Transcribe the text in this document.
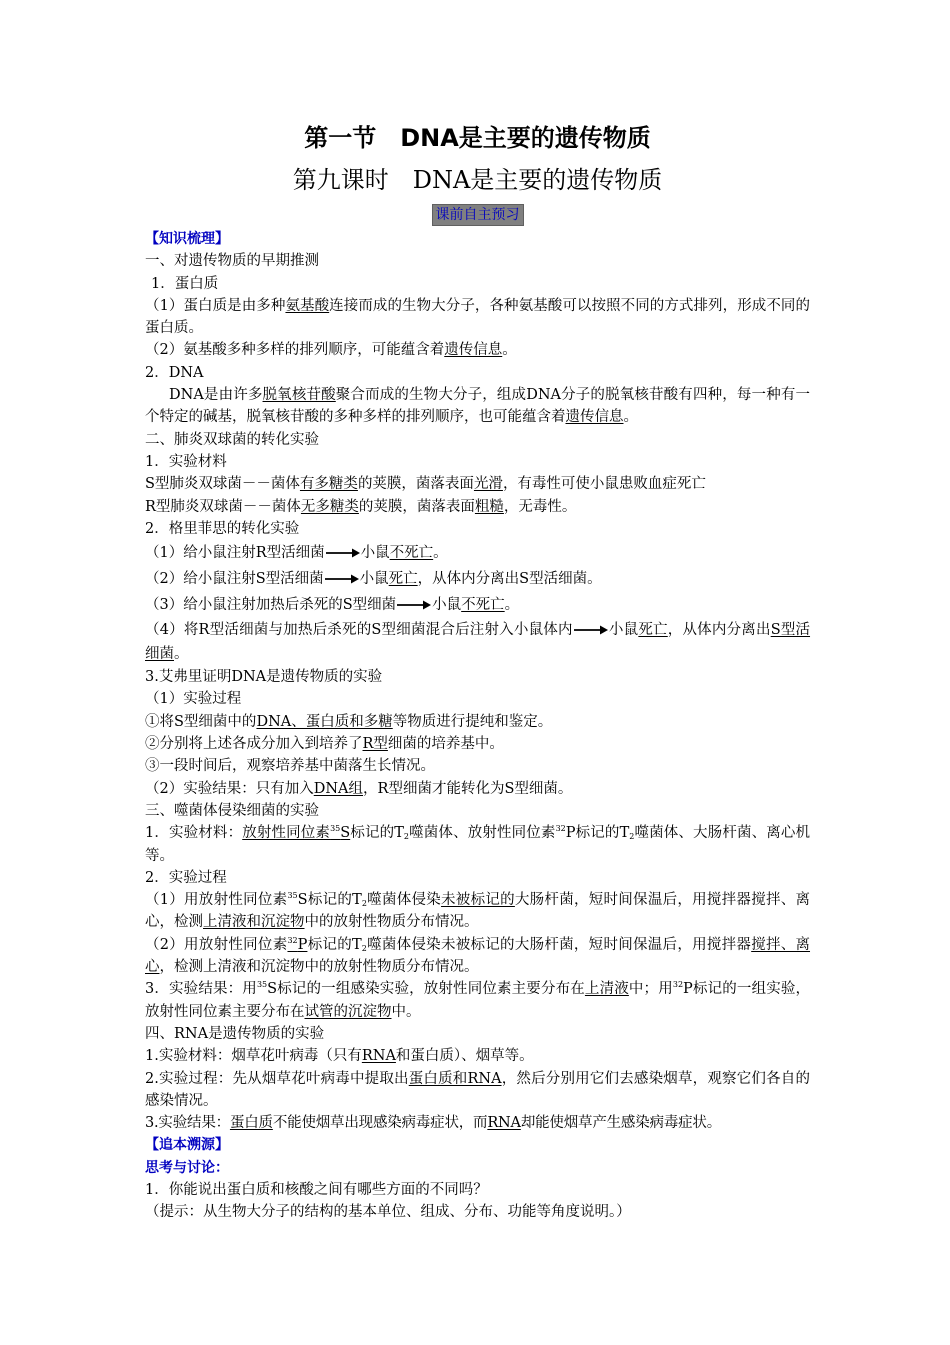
第一节　DNA是主要的遗传物质

第九课时　DNA是主要的遗传物质

课前自主预习

【知识梳理】

一、对遗传物质的早期推测

1．蛋白质

（1）蛋白质是由多种氨基酸连接而成的生物大分子，各种氨基酸可以按照不同的方式排列，形成不同的蛋白质。

（2）氨基酸多种多样的排列顺序，可能蕴含着遗传信息。

2．DNA

DNA是由许多脱氧核苷酸聚合而成的生物大分子，组成DNA分子的脱氧核苷酸有四种，每一种有一个特定的碱基，脱氧核苷酸的多种多样的排列顺序，也可能蕴含着遗传信息。

二、肺炎双球菌的转化实验

1．实验材料

S型肺炎双球菌－－菌体有多糖类的荚膜，菌落表面光滑，有毒性可使小鼠患败血症死亡

R型肺炎双球菌－－菌体无多糖类的荚膜，菌落表面粗糙，无毒性。

2．格里菲思的转化实验

（1）给小鼠注射R型活细菌 小鼠不死亡。

（2）给小鼠注射S型活细菌 小鼠死亡，从体内分离出S型活细菌。

（3）给小鼠注射加热后杀死的S型细菌 小鼠不死亡。

（4）将R型活细菌与加热后杀死的S型细菌混合后注射入小鼠体内 小鼠死亡，从体内分离出S型活细菌。

3.艾弗里证明DNA是遗传物质的实验

（1）实验过程

①将S型细菌中的DNA、蛋白质和多糖等物质进行提纯和鉴定。

②分别将上述各成分加入到培养了R型细菌的培养基中。

③一段时间后，观察培养基中菌落生长情况。

（2）实验结果：只有加入DNA组，R型细菌才能转化为S型细菌。

三、噬菌体侵染细菌的实验

1．实验材料：放射性同位素$^{35}$S标记的$T_2$噬菌体、放射性同位素$^{32}$P标记的$T_2$噬菌体、大肠杆菌、离心机等。

2．实验过程

（1）用放射性同位素$^{35}$S标记的$T_2$噬菌体侵染未被标记的大肠杆菌，短时间保温后，用搅拌器搅拌、离心，检测上清液和沉淀物中的放射性物质分布情况。

（2）用放射性同位素$^{32}$P标记的$T_2$噬菌体侵染未被标记的大肠杆菌，短时间保温后，用搅拌器搅拌、离心，检测上清液和沉淀物中的放射性物质分布情况。

3．实验结果：用$^{35}$S标记的一组感染实验，放射性同位素主要分布在上清液中；用$^{32}$P标记的一组实验，放射性同位素主要分布在试管的沉淀物中。

四、RNA是遗传物质的实验

1.实验材料：烟草花叶病毒（只有RNA和蛋白质）、烟草等。

2.实验过程：先从烟草花叶病毒中提取出蛋白质和RNA，然后分别用它们去感染烟草，观察它们各自的感染情况。

3.实验结果：蛋白质不能使烟草出现感染病毒症状，而RNA却能使烟草产生感染病毒症状。

【追本溯源】

思考与讨论：

1．你能说出蛋白质和核酸之间有哪些方面的不同吗？

（提示：从生物大分子的结构的基本单位、组成、分布、功能等角度说明。）
